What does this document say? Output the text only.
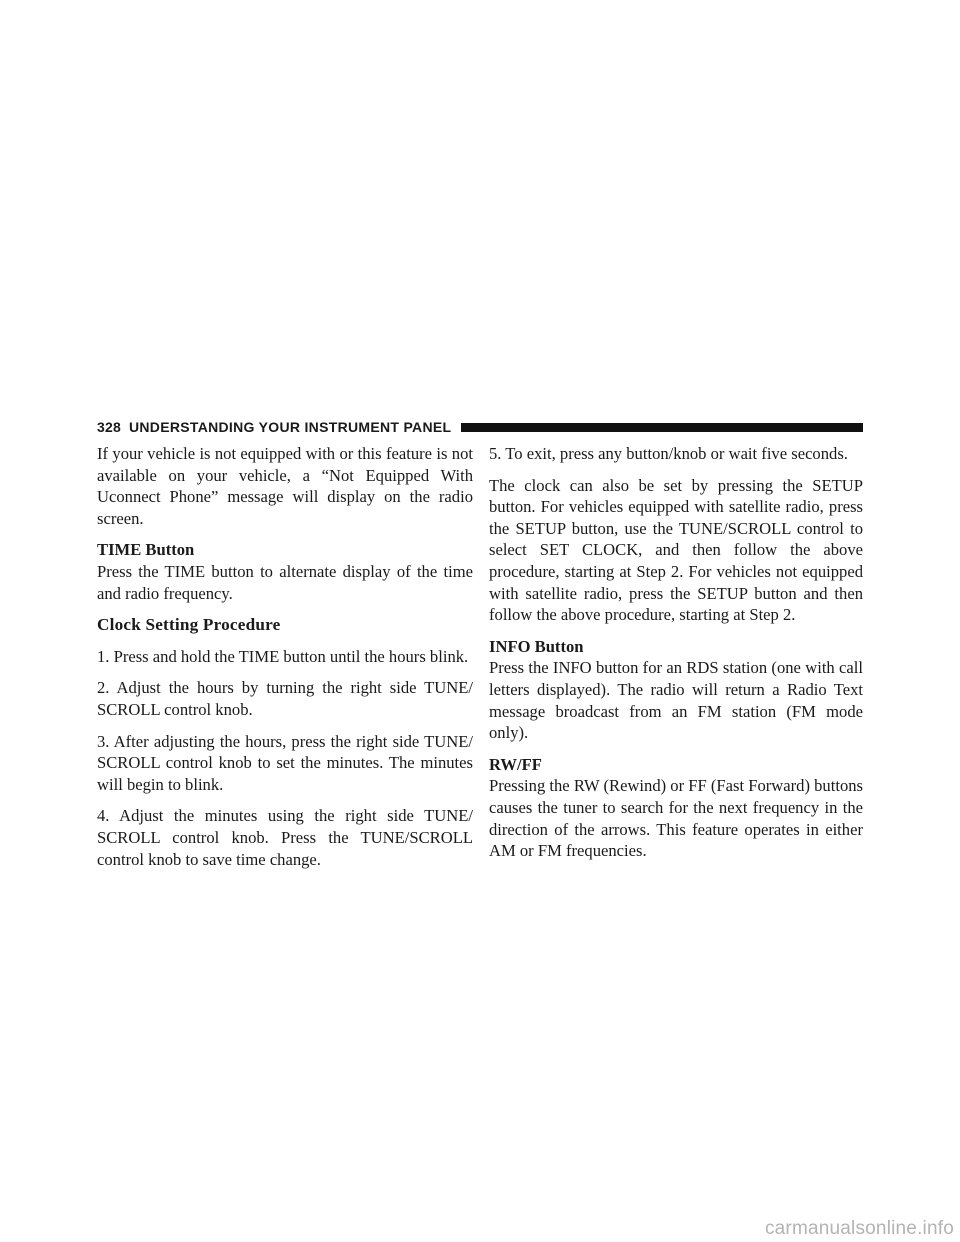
328 UNDERSTANDING YOUR INSTRUMENT PANEL

If your vehicle is not equipped with or this feature is not available on your vehicle, a “Not Equipped With Uconnect Phone” message will display on the radio screen.

TIME Button

Press the TIME button to alternate display of the time and radio frequency.

Clock Setting Procedure

1. Press and hold the TIME button until the hours blink.

2. Adjust the hours by turning the right side TUNE/ SCROLL control knob.

3. After adjusting the hours, press the right side TUNE/ SCROLL control knob to set the minutes. The minutes will begin to blink.

4. Adjust the minutes using the right side TUNE/ SCROLL control knob. Press the TUNE/SCROLL control knob to save time change.

5. To exit, press any button/knob or wait five seconds.

The clock can also be set by pressing the SETUP button. For vehicles equipped with satellite radio, press the SETUP button, use the TUNE/SCROLL control to select SET CLOCK, and then follow the above procedure, starting at Step 2. For vehicles not equipped with satellite radio, press the SETUP button and then follow the above procedure, starting at Step 2.

INFO Button

Press the INFO button for an RDS station (one with call letters displayed). The radio will return a Radio Text message broadcast from an FM station (FM mode only).

RW/FF

Pressing the RW (Rewind) or FF (Fast Forward) buttons causes the tuner to search for the next frequency in the direction of the arrows. This feature operates in either AM or FM frequencies.

carmanualsonline.info
